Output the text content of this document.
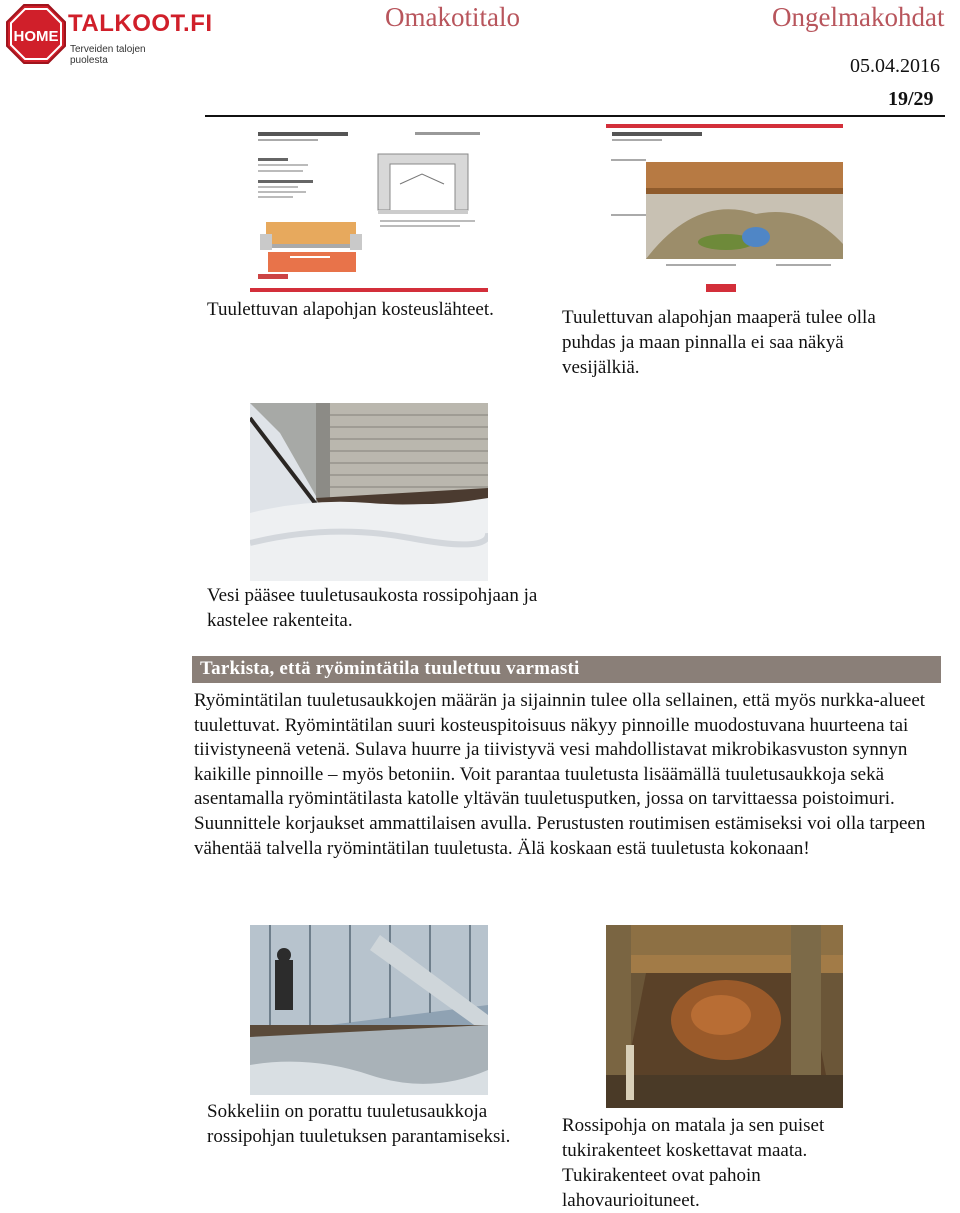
HOME TALKOOT.FI
Terveiden talojen puolesta
Omakotitalo	Ongelmakohdat
05.04.2016
19/29
Tuulettuvan alapohjan kosteuslähteet.	Tuulettuvan alapohjan maaperä tulee olla puhdas ja maan pinnalla ei saa näkyä vesijälkiä.
Vesi pääsee tuuletusaukosta rossipohjaan ja kastelee rakenteita.
Tarkista, että ryömintätila tuulettuu varmasti

Ryömintätilan tuuletusaukkojen määrän ja sijainnin tulee olla sellainen, että myös nurkka-alueet tuulettuvat. Ryömintätilan suuri kosteuspitoisuus näkyy pinnoille muodostuvana huurteena tai tiivistyneenä vetenä. Sulava huurre ja tiivistyvä vesi mahdollistavat mikrobikasvuston synnyn kaikille pinnoille – myös betoniin. Voit parantaa tuuletusta lisäämällä tuuletusaukkoja sekä asentamalla ryömintätilasta katolle yltävän tuuletusputken, jossa on tarvittaessa poistoimuri. Suunnittele korjaukset ammattilaisen avulla. Perustusten routimisen estämiseksi voi olla tarpeen vähentää talvella ryömintätilan tuuletusta. Älä koskaan estä tuuletusta kokonaan!

Sokkeliin on porattu tuuletusaukkoja rossipohjan tuuletuksen parantamiseksi.
Rossipohja on matala ja sen puiset tukirakenteet koskettavat maata. Tukirakenteet ovat pahoin lahovaurioituneet.
